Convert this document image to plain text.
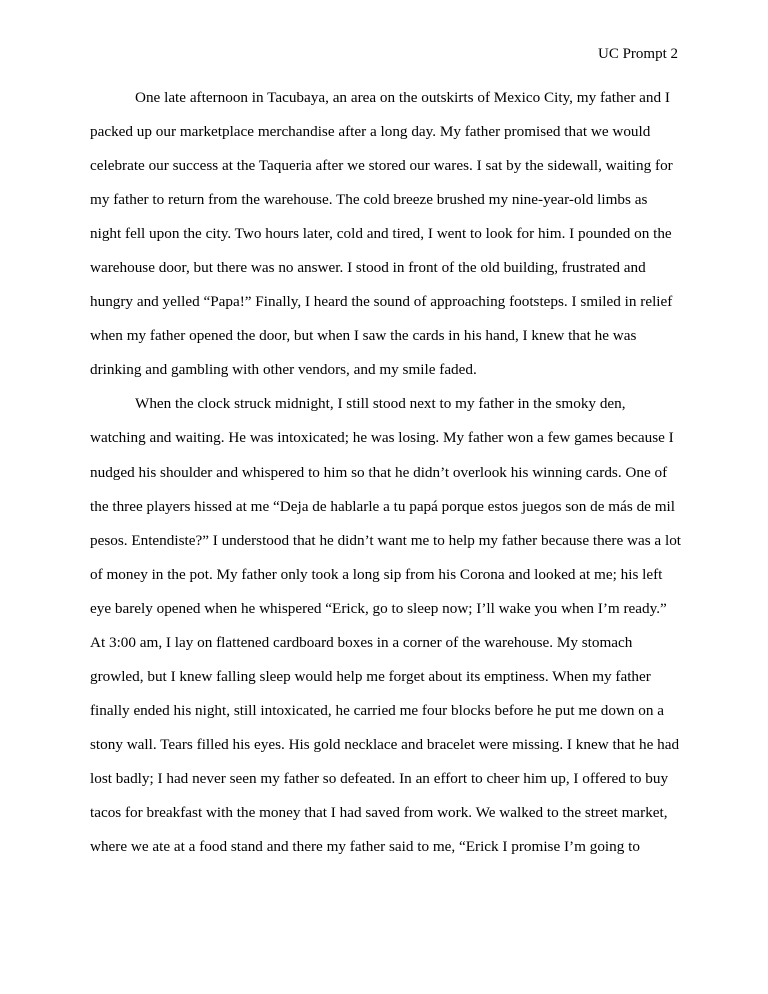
UC Prompt 2
One late afternoon in Tacubaya, an area on the outskirts of Mexico City, my father and I
packed up our marketplace merchandise after a long day. My father promised that we would
celebrate our success at the Taqueria after we stored our wares. I sat by the sidewall, waiting for
my father to return from the warehouse. The cold breeze brushed my nine-year-old limbs as
night fell upon the city. Two hours later, cold and tired, I went to look for him. I pounded on the
warehouse door, but there was no answer. I stood in front of the old building, frustrated and
hungry and yelled “Papa!” Finally, I heard the sound of approaching footsteps. I smiled in relief
when my father opened the door, but when I saw the cards in his hand, I knew that he was
drinking and gambling with other vendors, and my smile faded.
When the clock struck midnight, I still stood next to my father in the smoky den,
watching and waiting. He was intoxicated; he was losing. My father won a few games because I
nudged his shoulder and whispered to him so that he didn’t overlook his winning cards. One of
the three players hissed at me “Deja de hablarle a tu papá porque estos juegos son de más de mil
pesos. Entendiste?” I understood that he didn’t want me to help my father because there was a lot
of money in the pot. My father only took a long sip from his Corona and looked at me; his left
eye barely opened when he whispered “Erick, go to sleep now; I’ll wake you when I’m ready.”
At 3:00 am, I lay on flattened cardboard boxes in a corner of the warehouse. My stomach
growled, but I knew falling sleep would help me forget about its emptiness. When my father
finally ended his night, still intoxicated, he carried me four blocks before he put me down on a
stony wall. Tears filled his eyes. His gold necklace and bracelet were missing. I knew that he had
lost badly; I had never seen my father so defeated. In an effort to cheer him up, I offered to buy
tacos for breakfast with the money that I had saved from work. We walked to the street market,
where we ate at a food stand and there my father said to me, “Erick I promise I’m going to
